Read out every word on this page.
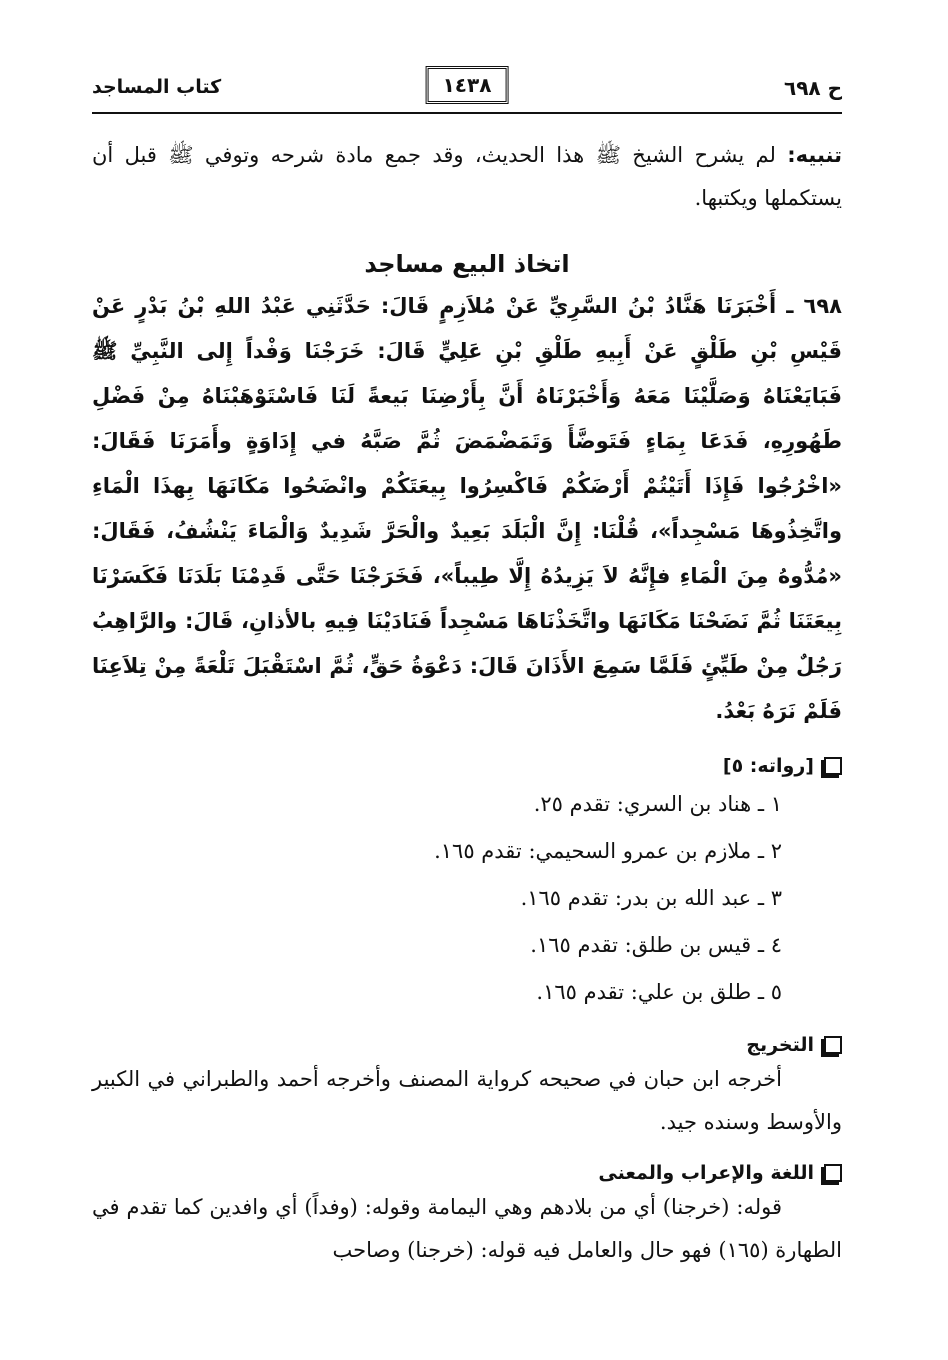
ح ٦٩٨
١٤٣٨
كتاب المساجد

تنبيه: لم يشرح الشيخ ﷺ هذا الحديث، وقد جمع مادة شرحه وتوفي ﷺ قبل أن يستكملها ويكتبها.

اتخاذ البيع مساجد

٦٩٨ ـ أَخْبَرَنَا هَنَّادُ بْنُ السَّرِيِّ عَنْ مُلاَزِمٍ قَالَ: حَدَّثَنِي عَبْدُ اللهِ بْنُ بَدْرٍ عَنْ قَيْسِ بْنِ طَلْقٍ عَنْ أَبِيهِ طَلْقِ بْنِ عَلِيٍّ قَالَ: خَرَجْنَا وَفْداً إِلى النَّبِيِّ ﷺ فَبَايَعْنَاهُ وَصَلَّيْنَا مَعَهُ وَأَخْبَرْنَاهُ أَنَّ بِأَرْضِنَا بَيعةً لَنَا فَاسْتَوْهَبْنَاهُ مِنْ فَضْلِ طَهُورِهِ، فَدَعَا بِمَاءٍ فَتَوضَّأَ وَتَمَضْمَضَ ثُمَّ صَبَّهُ في إِدَاوَةٍ وأَمَرَنَا فَقَالَ: «اخْرُجُوا فَإِذَا أَتَيْتُمْ أَرْضَكُمْ فَاكْسِرُوا بِيعَتَكُمْ وانْضَحُوا مَكَانَهَا بِهذَا الْمَاءِ واتَّخِذُوهَا مَسْجِداً»، قُلْنَا: إِنَّ الْبَلَدَ بَعِيدٌ والْحَرَّ شَدِيدٌ وَالْمَاءَ يَنْشُفُ، فَقَالَ: «مُدُّوهُ مِنَ الْمَاءِ فإِنَّهُ لاَ يَزِيدُهُ إِلَّا طِيباً»، فَخَرَجْنَا حَتَّى قَدِمْنَا بَلَدَنَا فَكَسَرْنَا بِيعَتَنَا ثُمَّ نَضَحْنَا مَكَانَهَا واتَّخَذْنَاهَا مَسْجِداً فَنَادَيْنَا فِيهِ بالأذانِ، قَالَ: والرَّاهِبُ رَجُلٌ مِنْ طَيِّئٍ فَلَمَّا سَمِعَ الأَذَانَ قَالَ: دَعْوَةُ حَقٍّ، ثُمَّ اسْتَقْبَلَ تَلْعَةً مِنْ تِلاَعِنَا فَلَمْ نَرَهُ بَعْدُ.

[رواته: ٥]
١ ـ هناد بن السري: تقدم ٢٥.
٢ ـ ملازم بن عمرو السحيمي: تقدم ١٦٥.
٣ ـ عبد الله بن بدر: تقدم ١٦٥.
٤ ـ قيس بن طلق: تقدم ١٦٥.
٥ ـ طلق بن علي: تقدم ١٦٥.
التخريج

أخرجه ابن حبان في صحيحه كرواية المصنف وأخرجه أحمد والطبراني في الكبير والأوسط وسنده جيد.

اللغة والإعراب والمعنى

قوله: (خرجنا) أي من بلادهم وهي اليمامة وقوله: (وفداً) أي وافدين كما تقدم في الطهارة (١٦٥) فهو حال والعامل فيه قوله: (خرجنا) وصاحب
